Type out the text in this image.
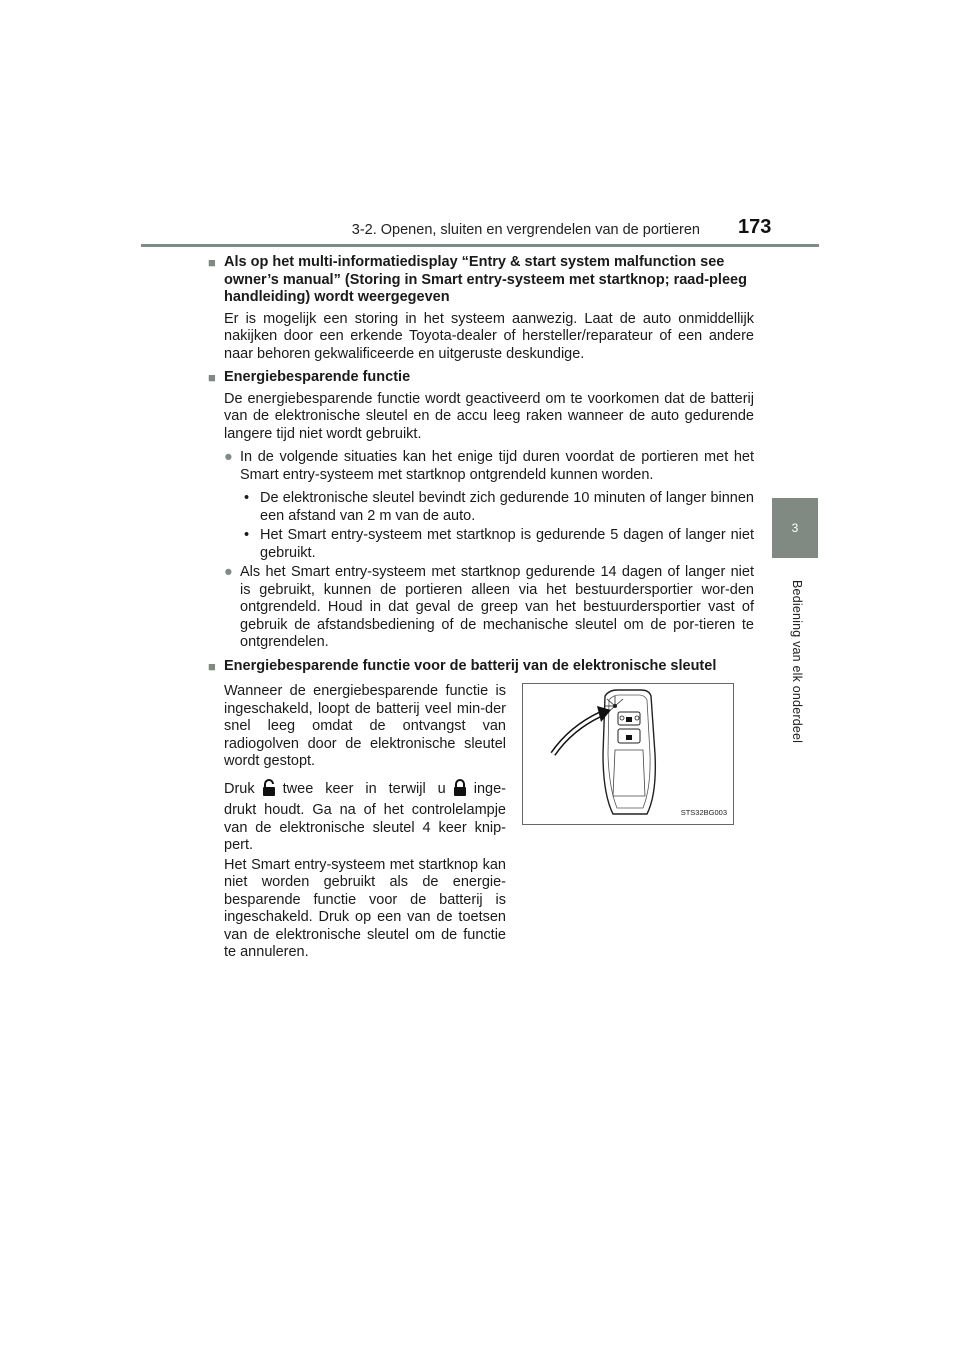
3-2. Openen, sluiten en vergrendelen van de portieren 173
3
Bediening van elk onderdeel
■ Als op het multi-informatiedisplay “Entry & start system malfunction see owner’s manual” (Storing in Smart entry-systeem met startknop; raad-pleeg handleiding) wordt weergegeven
Er is mogelijk een storing in het systeem aanwezig. Laat de auto onmiddellijk nakijken door een erkende Toyota-dealer of hersteller/reparateur of een andere naar behoren gekwalificeerde en uitgeruste deskundige.
■ Energiebesparende functie
De energiebesparende functie wordt geactiveerd om te voorkomen dat de batterij van de elektronische sleutel en de accu leeg raken wanneer de auto gedurende langere tijd niet wordt gebruikt.
● In de volgende situaties kan het enige tijd duren voordat de portieren met het Smart entry-systeem met startknop ontgrendeld kunnen worden.
• De elektronische sleutel bevindt zich gedurende 10 minuten of langer binnen een afstand van 2 m van de auto.
• Het Smart entry-systeem met startknop is gedurende 5 dagen of langer niet gebruikt.
● Als het Smart entry-systeem met startknop gedurende 14 dagen of langer niet is gebruikt, kunnen de portieren alleen via het bestuurdersportier wor-den ontgrendeld. Houd in dat geval de greep van het bestuurdersportier vast of gebruik de afstandsbediening of de mechanische sleutel om de por-tieren te ontgrendelen.
■ Energiebesparende functie voor de batterij van de elektronische sleutel

Wanneer de energiebesparende functie is ingeschakeld, loopt de batterij veel min-der snel leeg omdat de ontvangst van radiogolven door de elektronische sleutel wordt gestopt.

Druk twee keer in terwijl u inge-drukt houdt. Ga na of het controlelampje van de elektronische sleutel 4 keer knip-pert.

Het Smart entry-systeem met startknop kan niet worden gebruikt als de energie-besparende functie voor de batterij is ingeschakeld. Druk op een van de toetsen van de elektronische sleutel om de functie te annuleren.

STS32BG003
